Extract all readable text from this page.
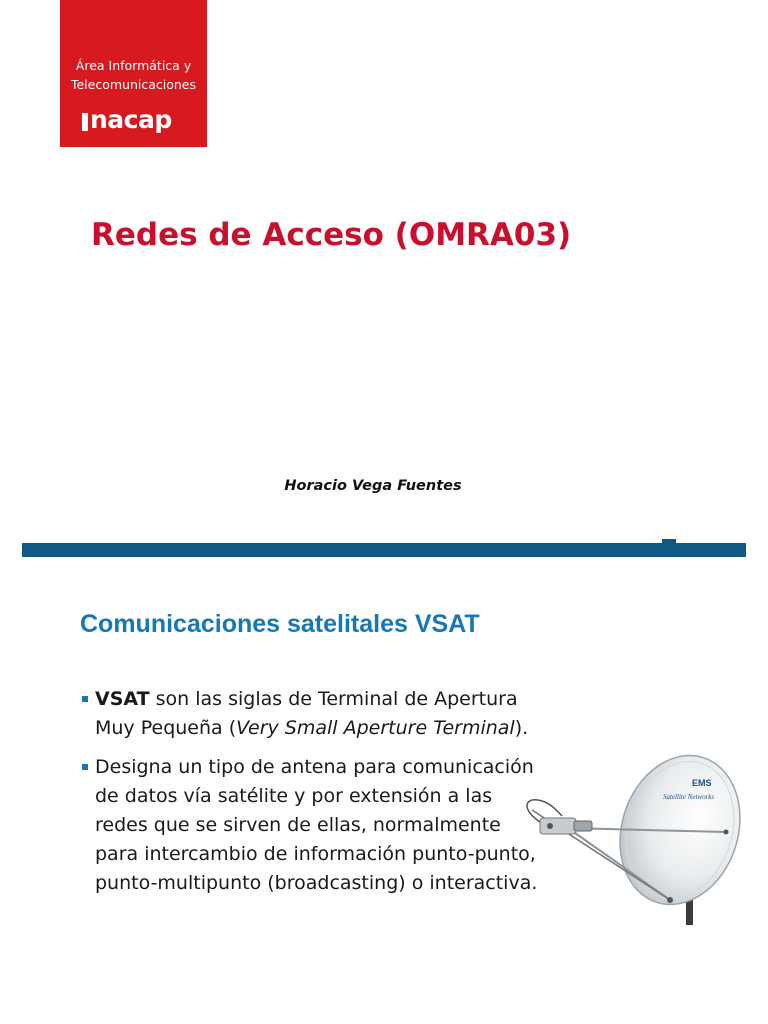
Área Informática y
Telecomunicaciones
nacap
Redes de Acceso (OMRA03)
Horacio Vega Fuentes
Comunicaciones satelitales VSAT
VSAT son las siglas de Terminal de Apertura Muy Pequeña (Very Small Aperture Terminal).
Designa un tipo de antena para comunicación de datos vía satélite y por extensión a las redes que se sirven de ellas, normalmente para intercambio de información punto-punto, punto-multipunto (broadcasting) o interactiva.
EMS
Satellite Networks
